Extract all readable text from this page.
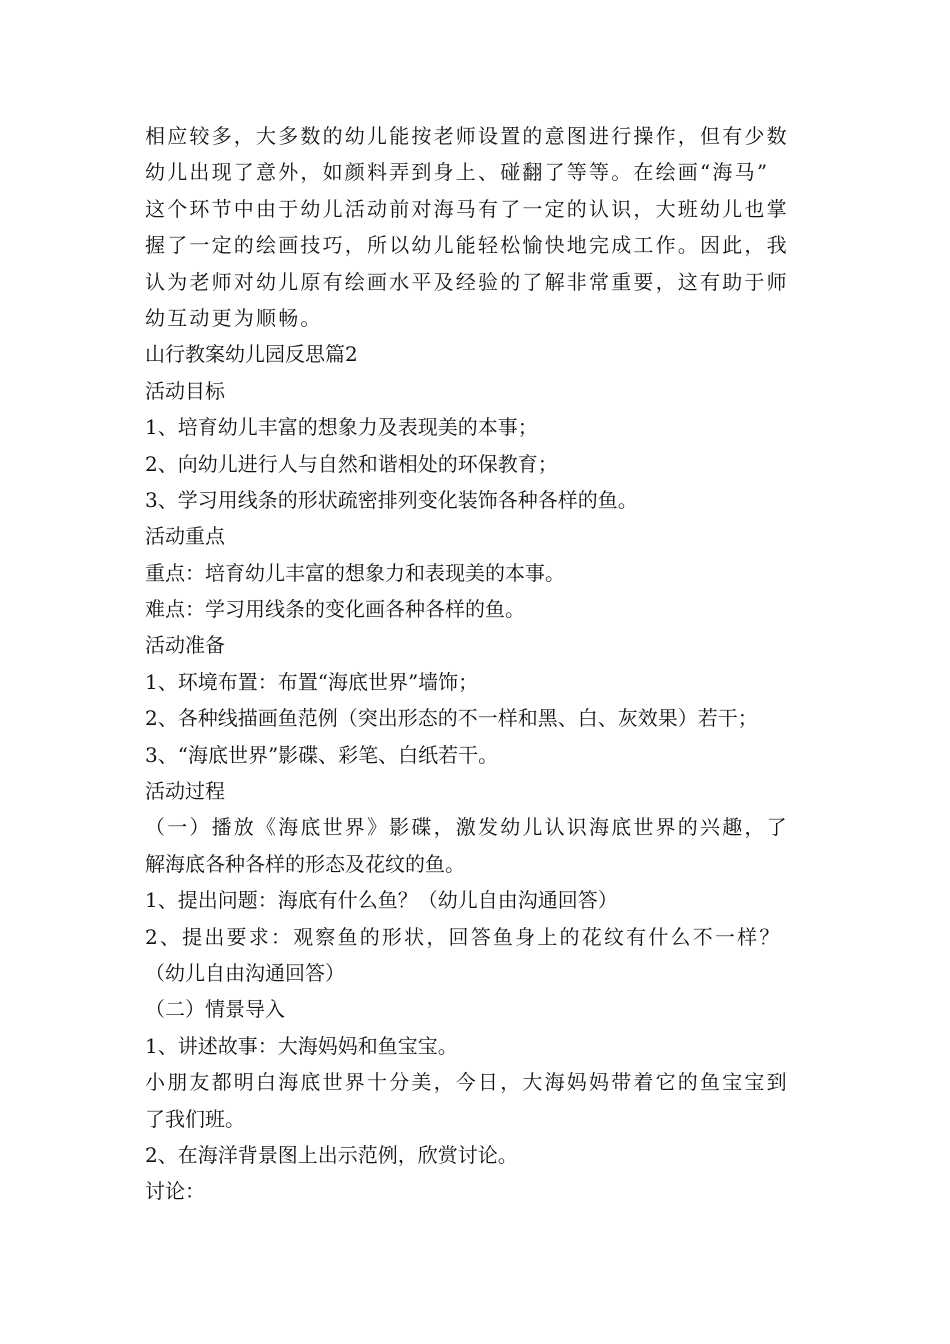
相应较多，大多数的幼儿能按老师设置的意图进行操作，但有少数
幼儿出现了意外，如颜料弄到身上、碰翻了等等。在绘画“海马”
这个环节中由于幼儿活动前对海马有了一定的认识，大班幼儿也掌
握了一定的绘画技巧，所以幼儿能轻松愉快地完成工作。因此，我
认为老师对幼儿原有绘画水平及经验的了解非常重要，这有助于师
幼互动更为顺畅。
山行教案幼儿园反思篇2
活动目标
1、培育幼儿丰富的想象力及表现美的本事；
2、向幼儿进行人与自然和谐相处的环保教育；
3、学习用线条的形状疏密排列变化装饰各种各样的鱼。
活动重点
重点：培育幼儿丰富的想象力和表现美的本事。
难点：学习用线条的变化画各种各样的鱼。
活动准备
1、环境布置：布置“海底世界”墙饰；
2、各种线描画鱼范例（突出形态的不一样和黑、白、灰效果）若干；
3、“海底世界”影碟、彩笔、白纸若干。
活动过程
（一）播放《海底世界》影碟，激发幼儿认识海底世界的兴趣，了
解海底各种各样的形态及花纹的鱼。
1、提出问题：海底有什么鱼？（幼儿自由沟通回答）
2、提出要求：观察鱼的形状，回答鱼身上的花纹有什么不一样？
（幼儿自由沟通回答）
（二）情景导入
1、讲述故事：大海妈妈和鱼宝宝。
小朋友都明白海底世界十分美，今日，大海妈妈带着它的鱼宝宝到
了我们班。
2、在海洋背景图上出示范例，欣赏讨论。
讨论：
